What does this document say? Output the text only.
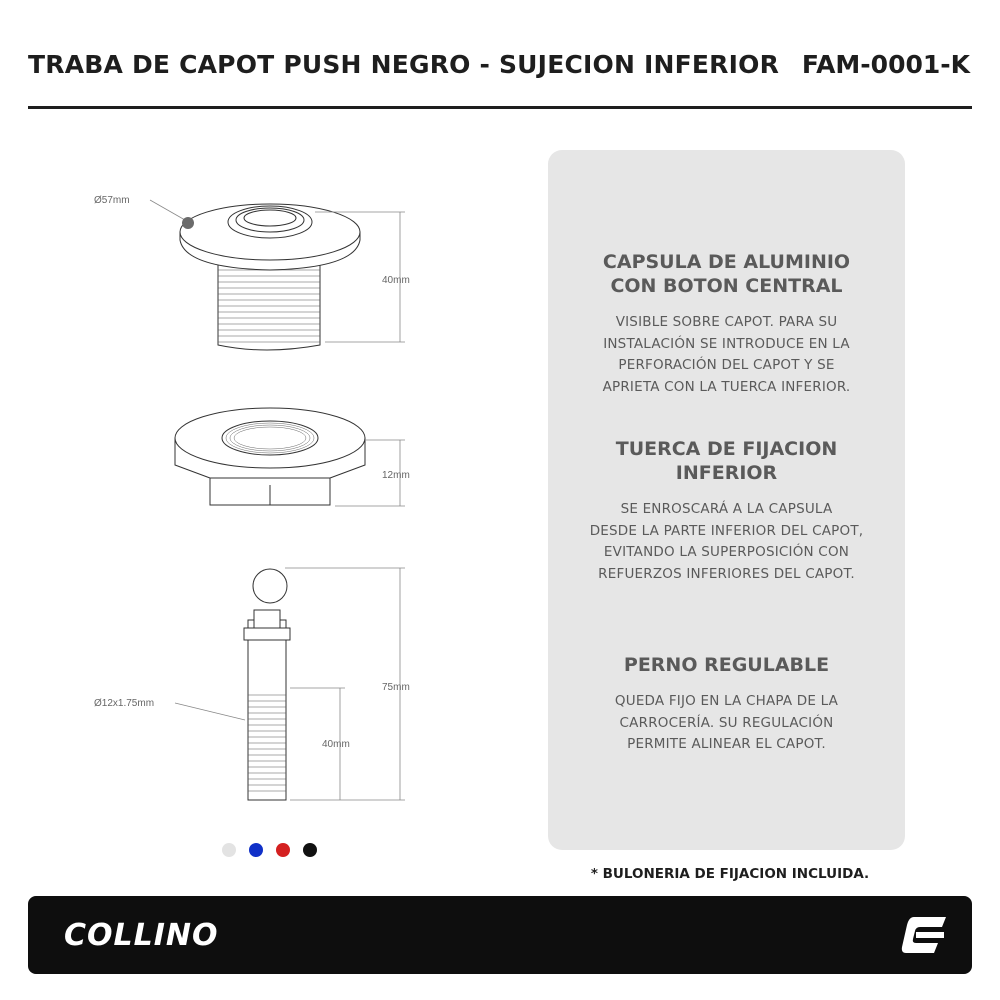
TRABA DE CAPOT PUSH NEGRO - SUJECION INFERIOR FAM-0001-K
Ø57mm
40mm
12mm
Ø12x1.75mm
75mm
40mm
CAPSULA DE ALUMINIO
CON BOTON CENTRAL

VISIBLE SOBRE CAPOT. PARA SU
INSTALACIÓN SE INTRODUCE EN LA
PERFORACIÓN DEL CAPOT Y SE
APRIETA CON LA TUERCA INFERIOR.

TUERCA DE FIJACION
INFERIOR

SE ENROSCARÁ A LA CAPSULA
DESDE LA PARTE INFERIOR DEL CAPOT,
EVITANDO LA SUPERPOSICIÓN CON
REFUERZOS INFERIORES DEL CAPOT.

PERNO REGULABLE

QUEDA FIJO EN LA CHAPA DE LA
CARROCERÍA. SU REGULACIÓN
PERMITE ALINEAR EL CAPOT.

* BULONERIA DE FIJACION INCLUIDA.
COLLINO
